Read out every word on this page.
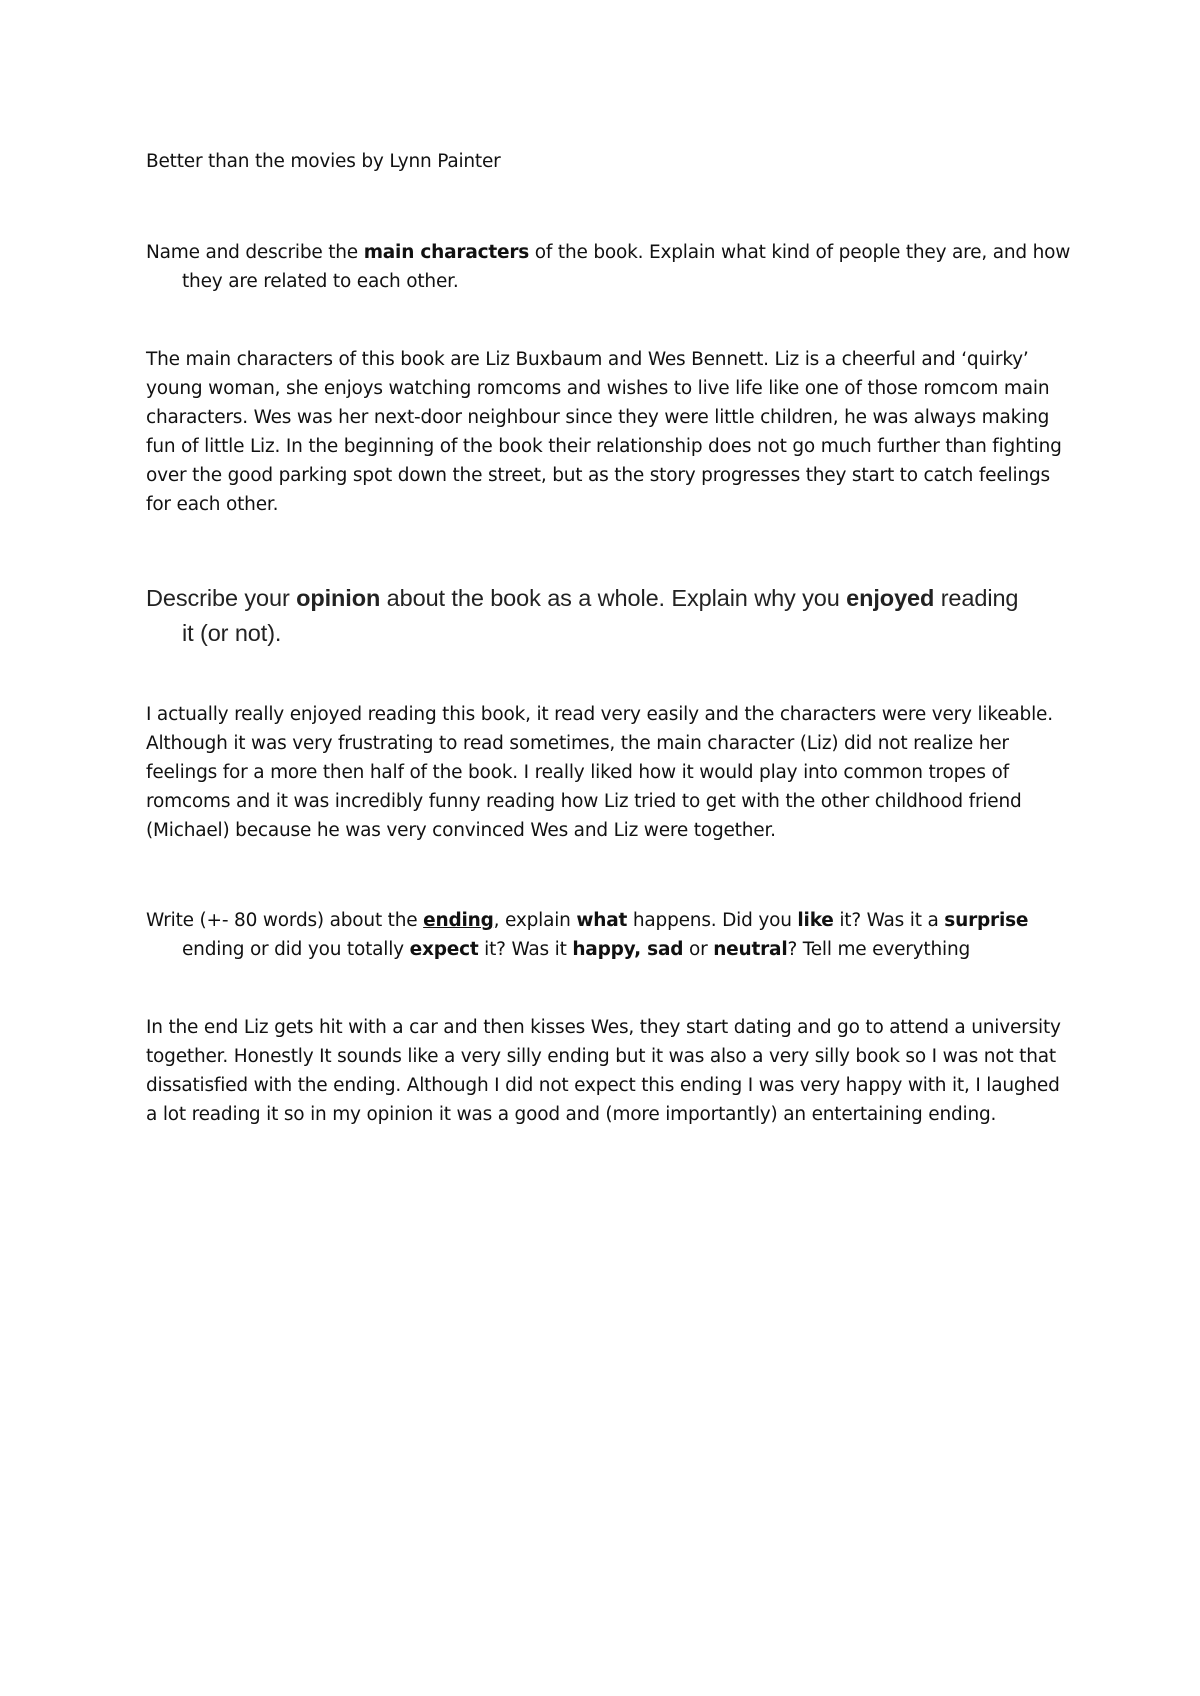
Better than the movies by Lynn Painter
Name and describe the main characters of the book. Explain what kind of people they are, and how
they are related to each other.
The main characters of this book are Liz Buxbaum and Wes Bennett. Liz is a cheerful and ‘quirky’
young woman, she enjoys watching romcoms and wishes to live life like one of those romcom main
characters. Wes was her next-door neighbour since they were little children, he was always making
fun of little Liz. In the beginning of the book their relationship does not go much further than fighting
over the good parking spot down the street, but as the story progresses they start to catch feelings
for each other.
Describe your opinion about the book as a whole. Explain why you enjoyed reading
it (or not).
I actually really enjoyed reading this book, it read very easily and the characters were very likeable.
Although it was very frustrating to read sometimes, the main character (Liz) did not realize her
feelings for a more then half of the book. I really liked how it would play into common tropes of
romcoms and it was incredibly funny reading how Liz tried to get with the other childhood friend
(Michael) because he was very convinced Wes and Liz were together.
Write (+- 80 words) about the ending, explain what happens. Did you like it? Was it a surprise
ending or did you totally expect it? Was it happy, sad or neutral? Tell me everything
In the end Liz gets hit with a car and then kisses Wes, they start dating and go to attend a university
together. Honestly It sounds like a very silly ending but it was also a very silly book so I was not that
dissatisfied with the ending. Although I did not expect this ending I was very happy with it, I laughed
a lot reading it so in my opinion it was a good and (more importantly) an entertaining ending.
